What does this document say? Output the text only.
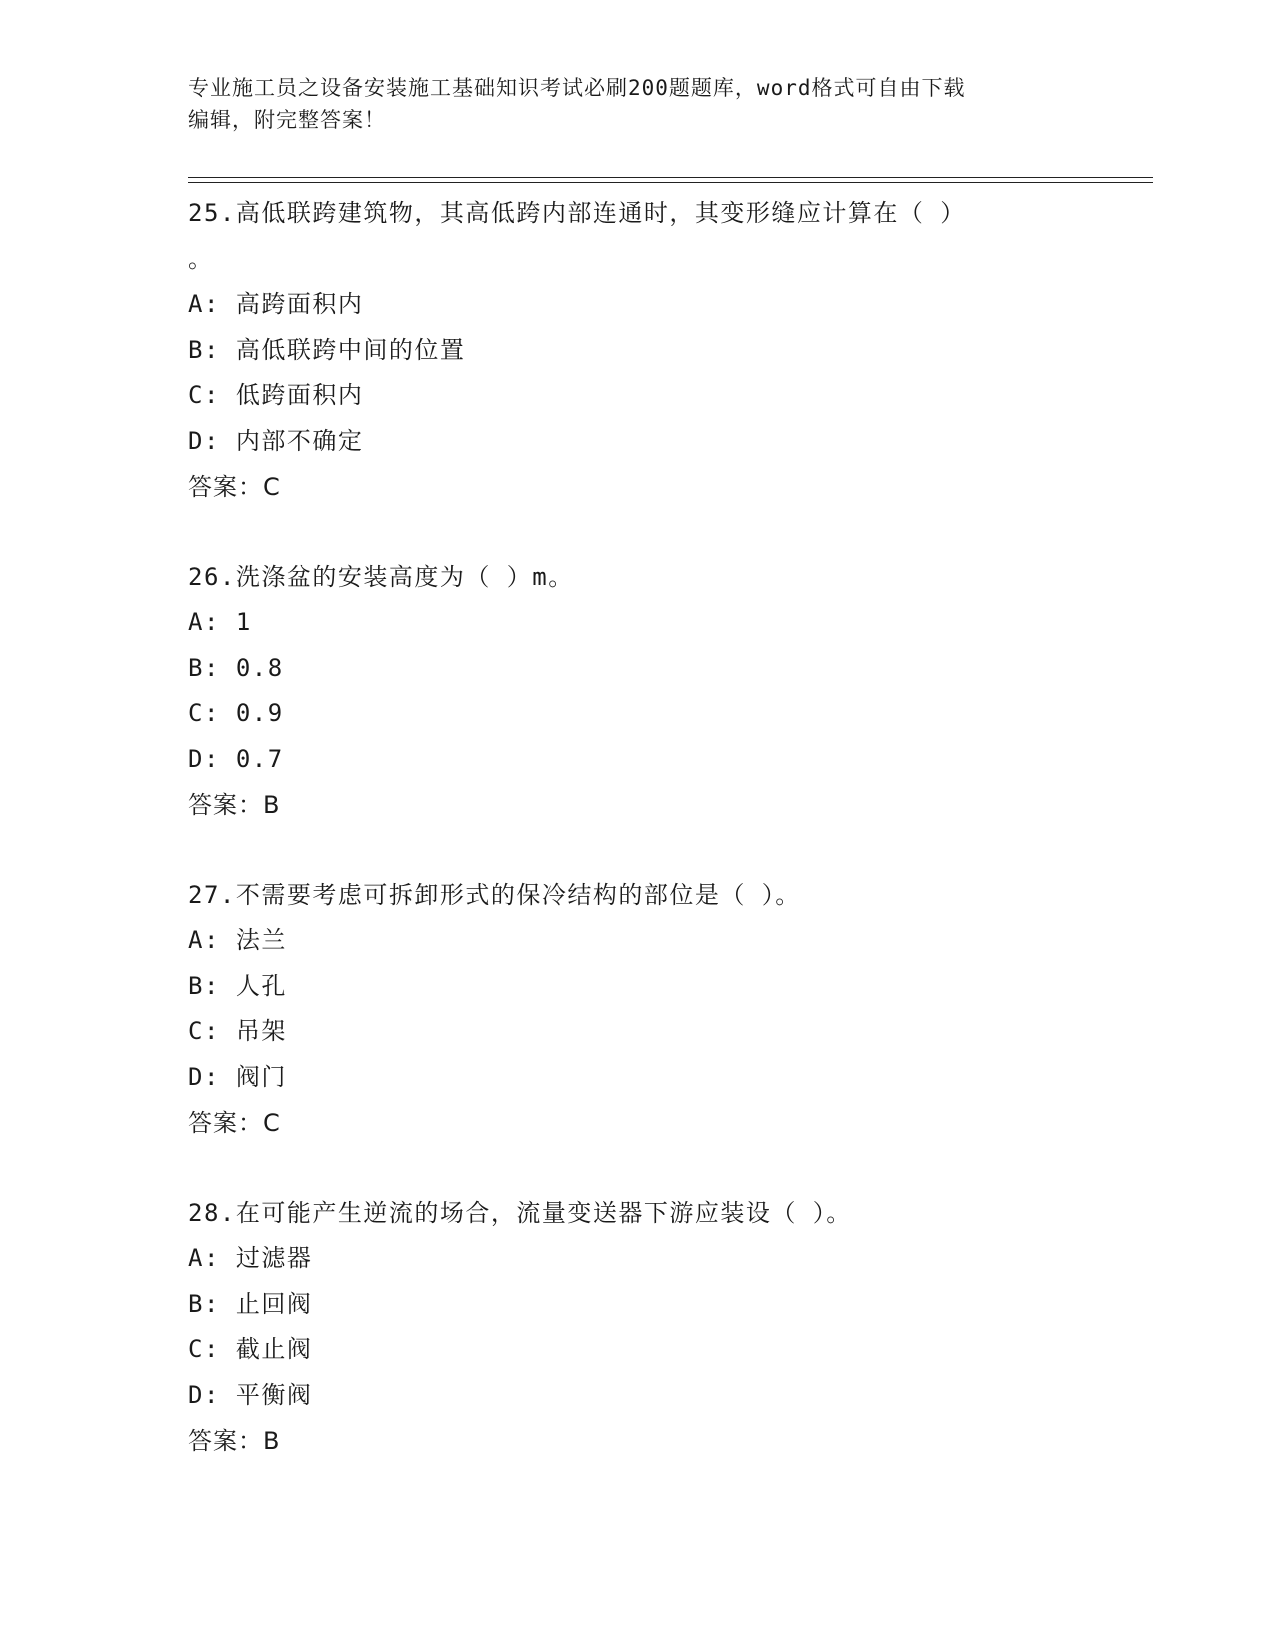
专业施工员之设备安装施工基础知识考试必刷200题题库，word格式可自由下载
编辑，附完整答案！
25.高低联跨建筑物，其高低跨内部连通时，其变形缝应计算在（ ）
。
A: 高跨面积内
B: 高低联跨中间的位置
C: 低跨面积内
D: 内部不确定
答案：C
26.洗涤盆的安装高度为（ ）m。
A: 1
B: 0.8
C: 0.9
D: 0.7
答案：B
27.不需要考虑可拆卸形式的保冷结构的部位是（ ）。
A: 法兰
B: 人孔
C: 吊架
D: 阀门
答案：C
28.在可能产生逆流的场合，流量变送器下游应装设（ ）。
A: 过滤器
B: 止回阀
C: 截止阀
D: 平衡阀
答案：B
